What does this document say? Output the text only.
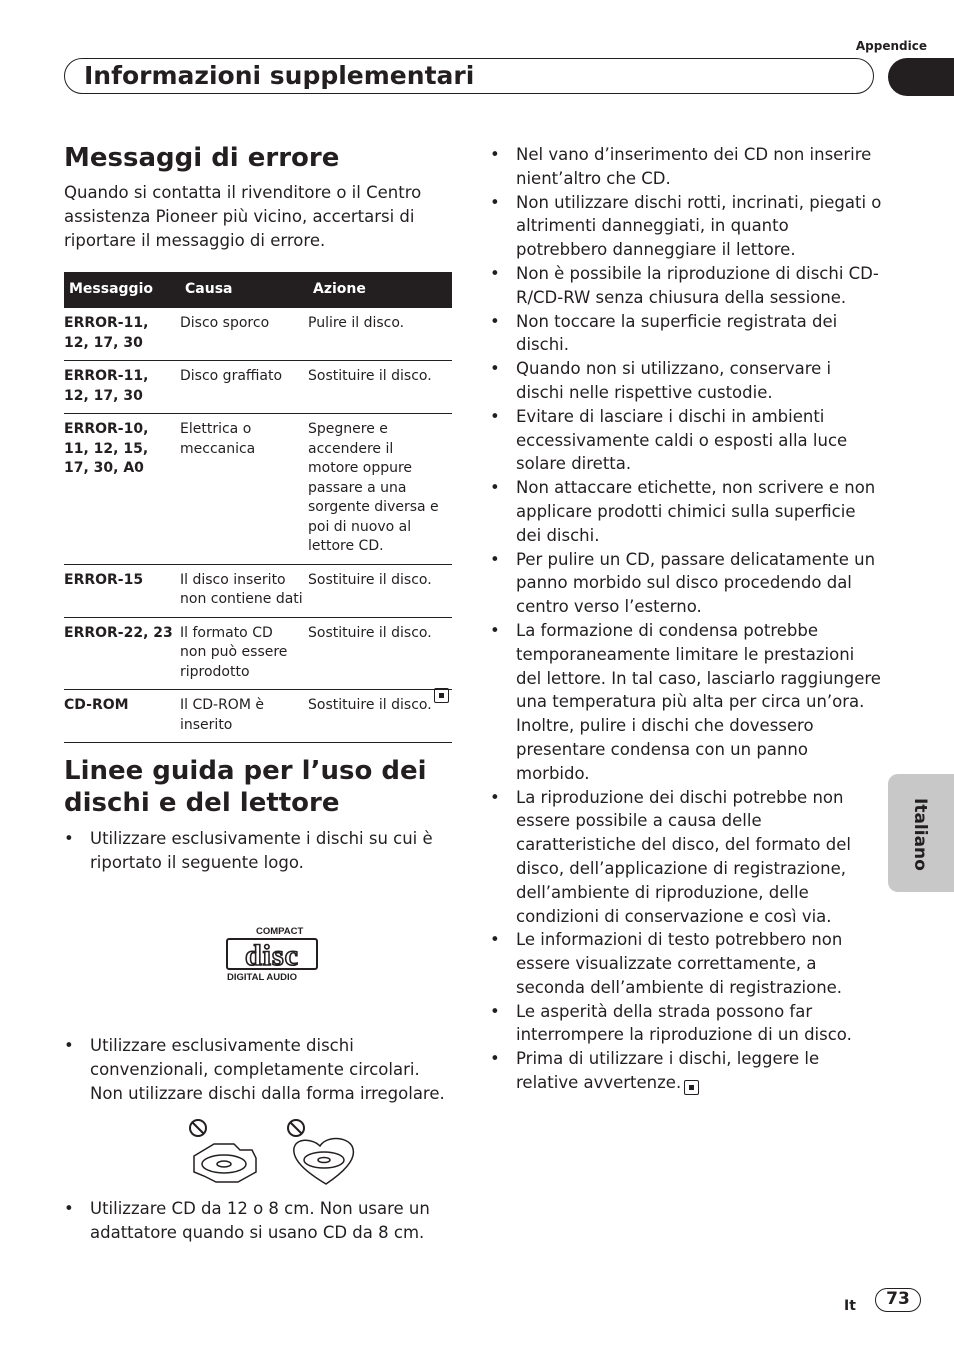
Appendice
Informazioni supplementari
Italiano
Messaggi di errore
Quando si contatta il rivenditore o il Centro assistenza Pioneer più vicino, accertarsi di riportare il messaggio di errore.
Messaggio	Causa	Azione
ERROR-11, 12, 17, 30	Disco sporco	Pulire il disco.
ERROR-11, 12, 17, 30	Disco graffiato	Sostituire il disco.
ERROR-10, 11, 12, 15, 17, 30, A0	Elettrica o meccanica	Spegnere e accendere il motore oppure passare a una sorgente diversa e poi di nuovo al lettore CD.
ERROR-15	Il disco inserito non contiene dati	Sostituire il disco.
ERROR-22, 23	Il formato CD non può essere riprodotto	Sostituire il disco.
CD-ROM	Il CD-ROM è inserito	Sostituire il disco.
Linee guida per l’uso dei dischi e del lettore
• Utilizzare esclusivamente i dischi su cui è riportato il seguente logo.
COMPACT
disc
DIGITAL AUDIO
• Utilizzare esclusivamente dischi convenzionali, completamente circolari. Non utilizzare dischi dalla forma irregolare.
• Utilizzare CD da 12 o 8 cm. Non usare un adattatore quando si usano CD da 8 cm.
• Nel vano d’inserimento dei CD non inserire nient’altro che CD.
• Non utilizzare dischi rotti, incrinati, piegati o altrimenti danneggiati, in quanto potrebbero danneggiare il lettore.
• Non è possibile la riproduzione di dischi CD-R/CD-RW senza chiusura della sessione.
• Non toccare la superficie registrata dei dischi.
• Quando non si utilizzano, conservare i dischi nelle rispettive custodie.
• Evitare di lasciare i dischi in ambienti eccessivamente caldi o esposti alla luce solare diretta.
• Non attaccare etichette, non scrivere e non applicare prodotti chimici sulla superficie dei dischi.
• Per pulire un CD, passare delicatamente un panno morbido sul disco procedendo dal centro verso l’esterno.
• La formazione di condensa potrebbe temporaneamente limitare le prestazioni del lettore. In tal caso, lasciarlo raggiungere una temperatura più alta per circa un’ora. Inoltre, pulire i dischi che dovessero presentare condensa con un panno morbido.
• La riproduzione dei dischi potrebbe non essere possibile a causa delle caratteristiche del disco, del formato del disco, dell’applicazione di registrazione, dell’ambiente di riproduzione, delle condizioni di conservazione e così via.
• Le informazioni di testo potrebbero non essere visualizzate correttamente, a seconda dell’ambiente di registrazione.
• Le asperità della strada possono far interrompere la riproduzione di un disco.
• Prima di utilizzare i dischi, leggere le relative avvertenze.
It	73
